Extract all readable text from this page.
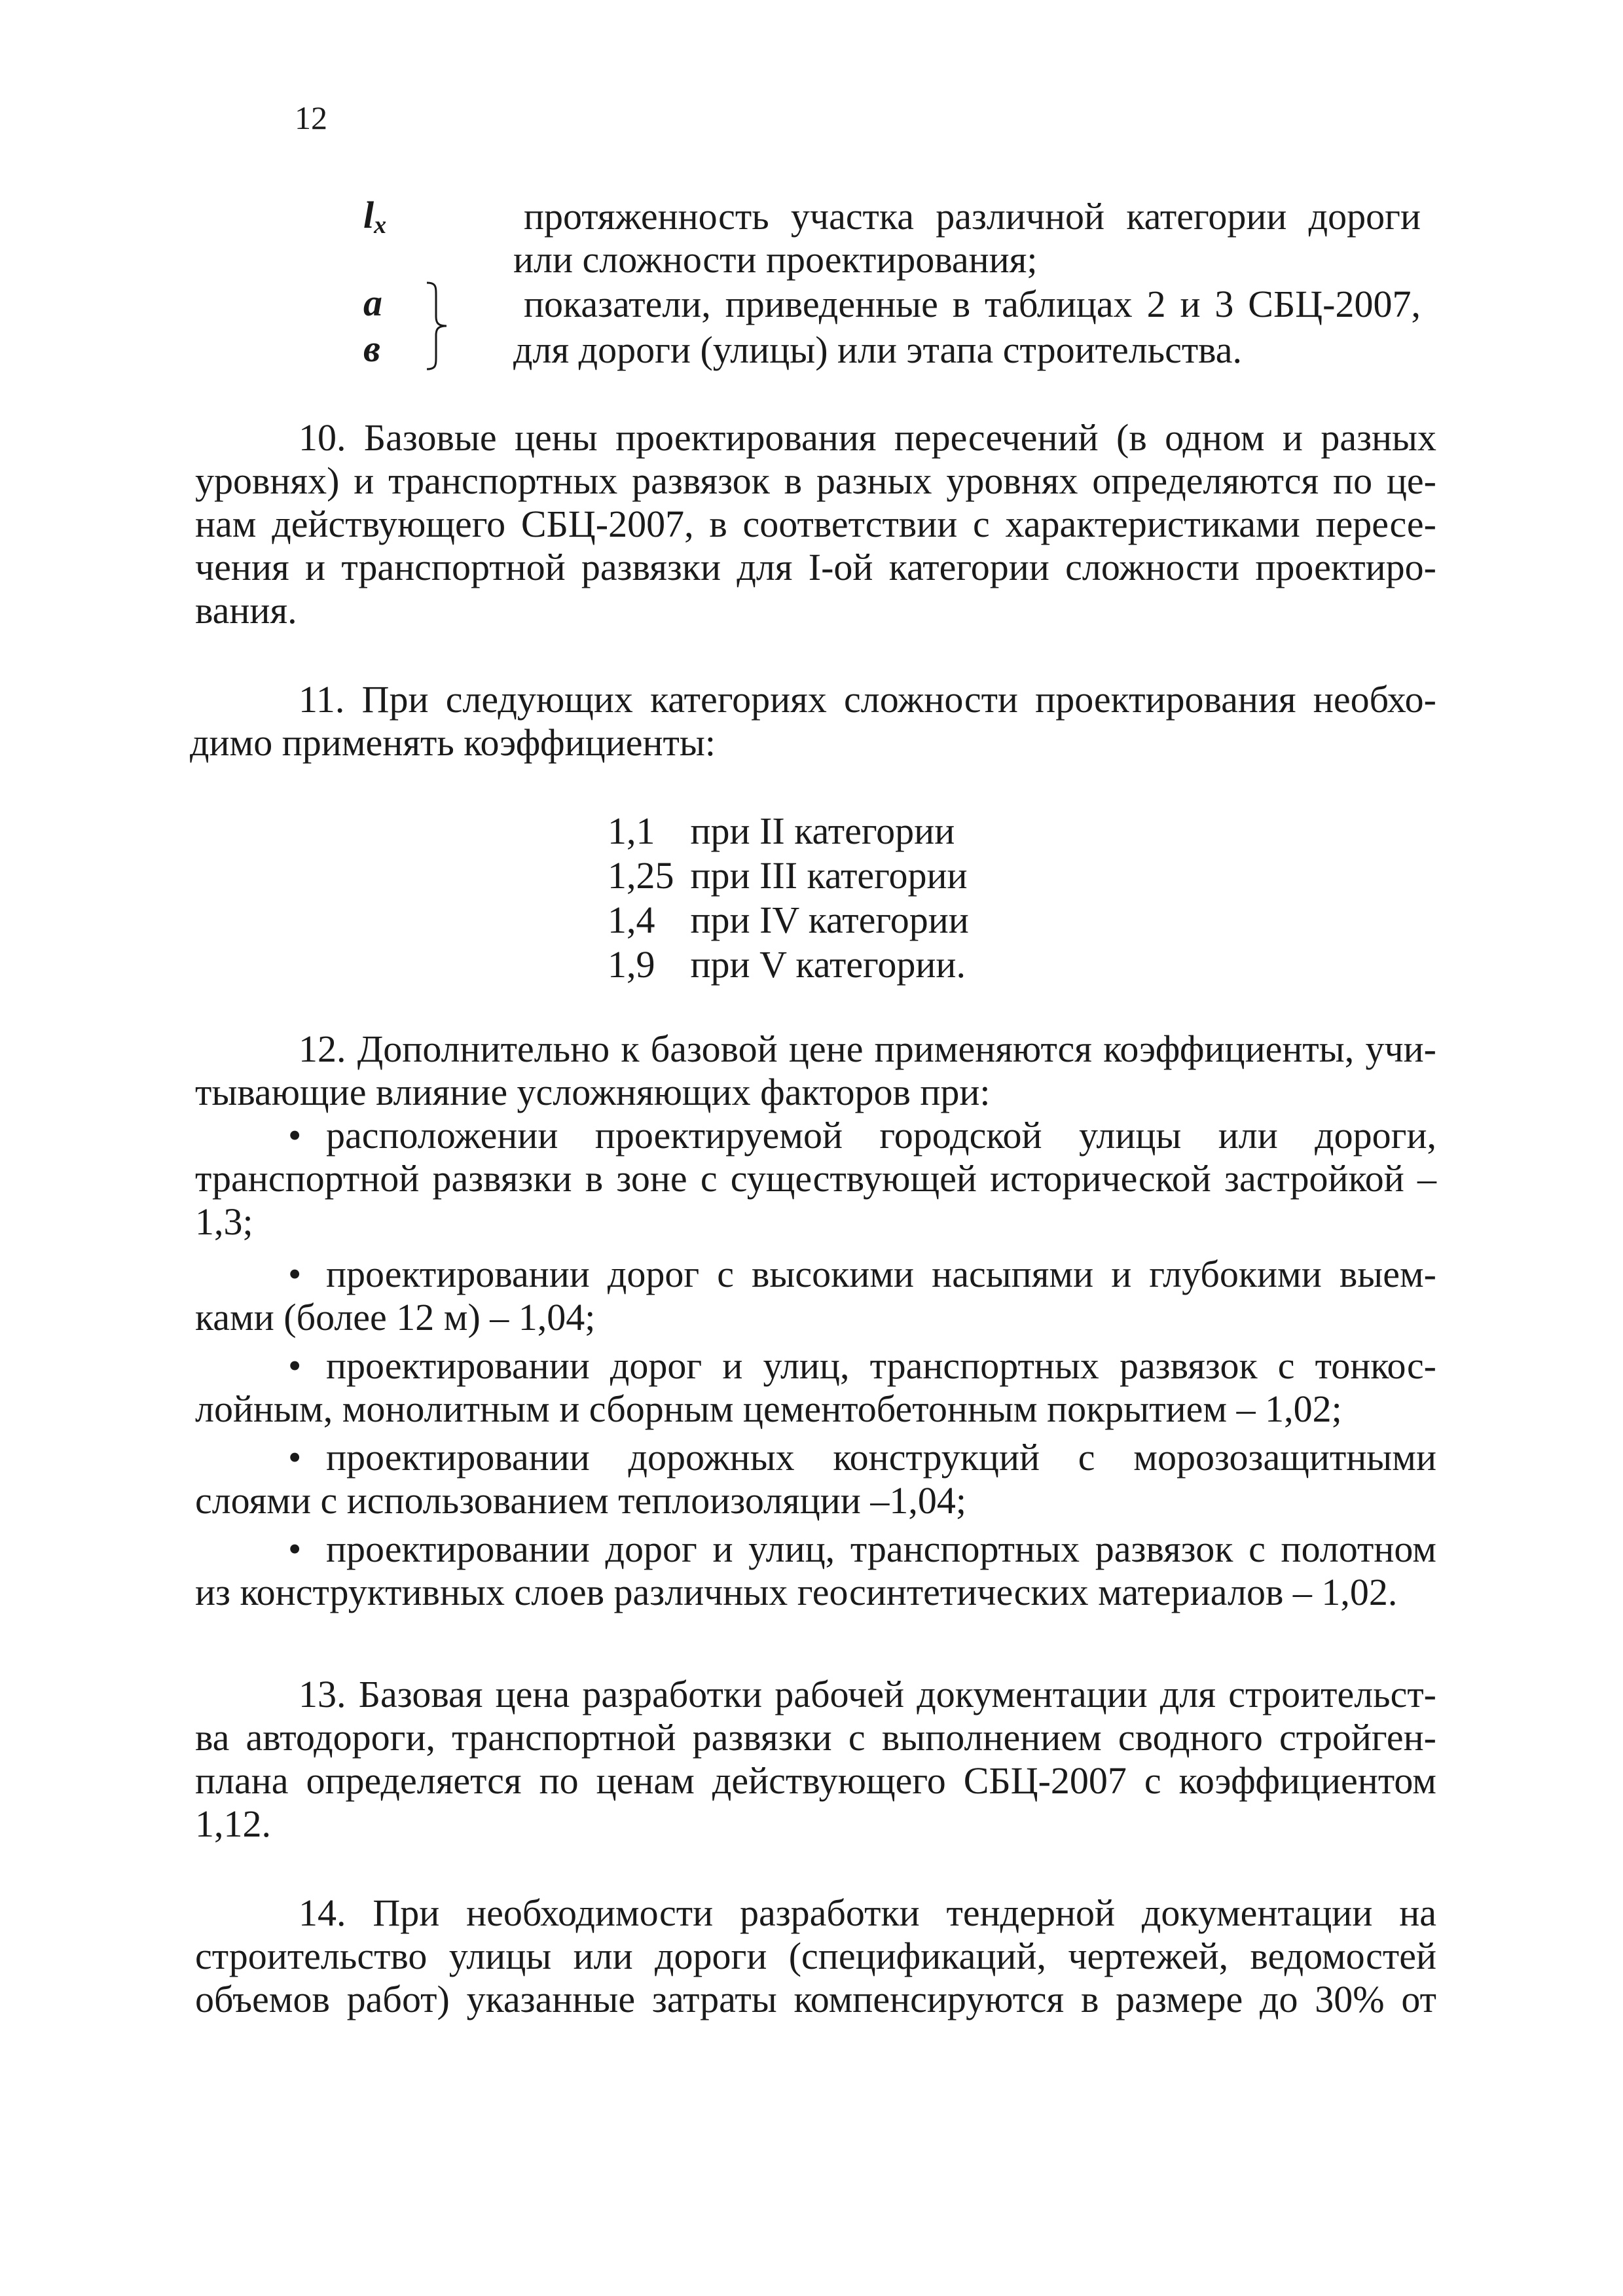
12
$l_x$	протяженность участка различной категории дороги
или сложности проектирования;
а	показатели, приведенные в таблицах 2 и 3 СБЦ-2007,
в	для дороги (улицы) или этапа строительства.
10. Базовые цены проектирования пересечений (в одном и разных
уровнях) и транспортных развязок в разных уровнях определяются по це-
нам действующего СБЦ-2007, в соответствии с характеристиками пересе-
чения и транспортной развязки для I-ой категории сложности проектиро-
вания.
11. При следующих категориях сложности проектирования необхо-
димо применять коэффициенты:
1,1 при II категории
1,25 при III категории
1,4 при IV категории
1,9 при V категории.
12. Дополнительно к базовой цене применяются коэффициенты, учи-
тывающие влияние усложняющих факторов при:
• расположении проектируемой городской улицы или дороги,
транспортной развязки в зоне с существующей исторической застройкой –
1,3;
• проектировании дорог с высокими насыпями и глубокими выем-
ками (более 12 м) – 1,04;
• проектировании дорог и улиц, транспортных развязок с тонкос-
лойным, монолитным и сборным цементобетонным покрытием – 1,02;
• проектировании дорожных конструкций с морозозащитными
слоями с использованием теплоизоляции –1,04;
• проектировании дорог и улиц, транспортных развязок с полотном
из конструктивных слоев различных геосинтетических материалов – 1,02.
13. Базовая цена разработки рабочей документации для строительст-
ва автодороги, транспортной развязки с выполнением сводного стройген-
плана определяется по ценам действующего СБЦ-2007 с коэффициентом
1,12.
14. При необходимости разработки тендерной документации на
строительство улицы или дороги (спецификаций, чертежей, ведомостей
объемов работ) указанные затраты компенсируются в размере до 30% от
